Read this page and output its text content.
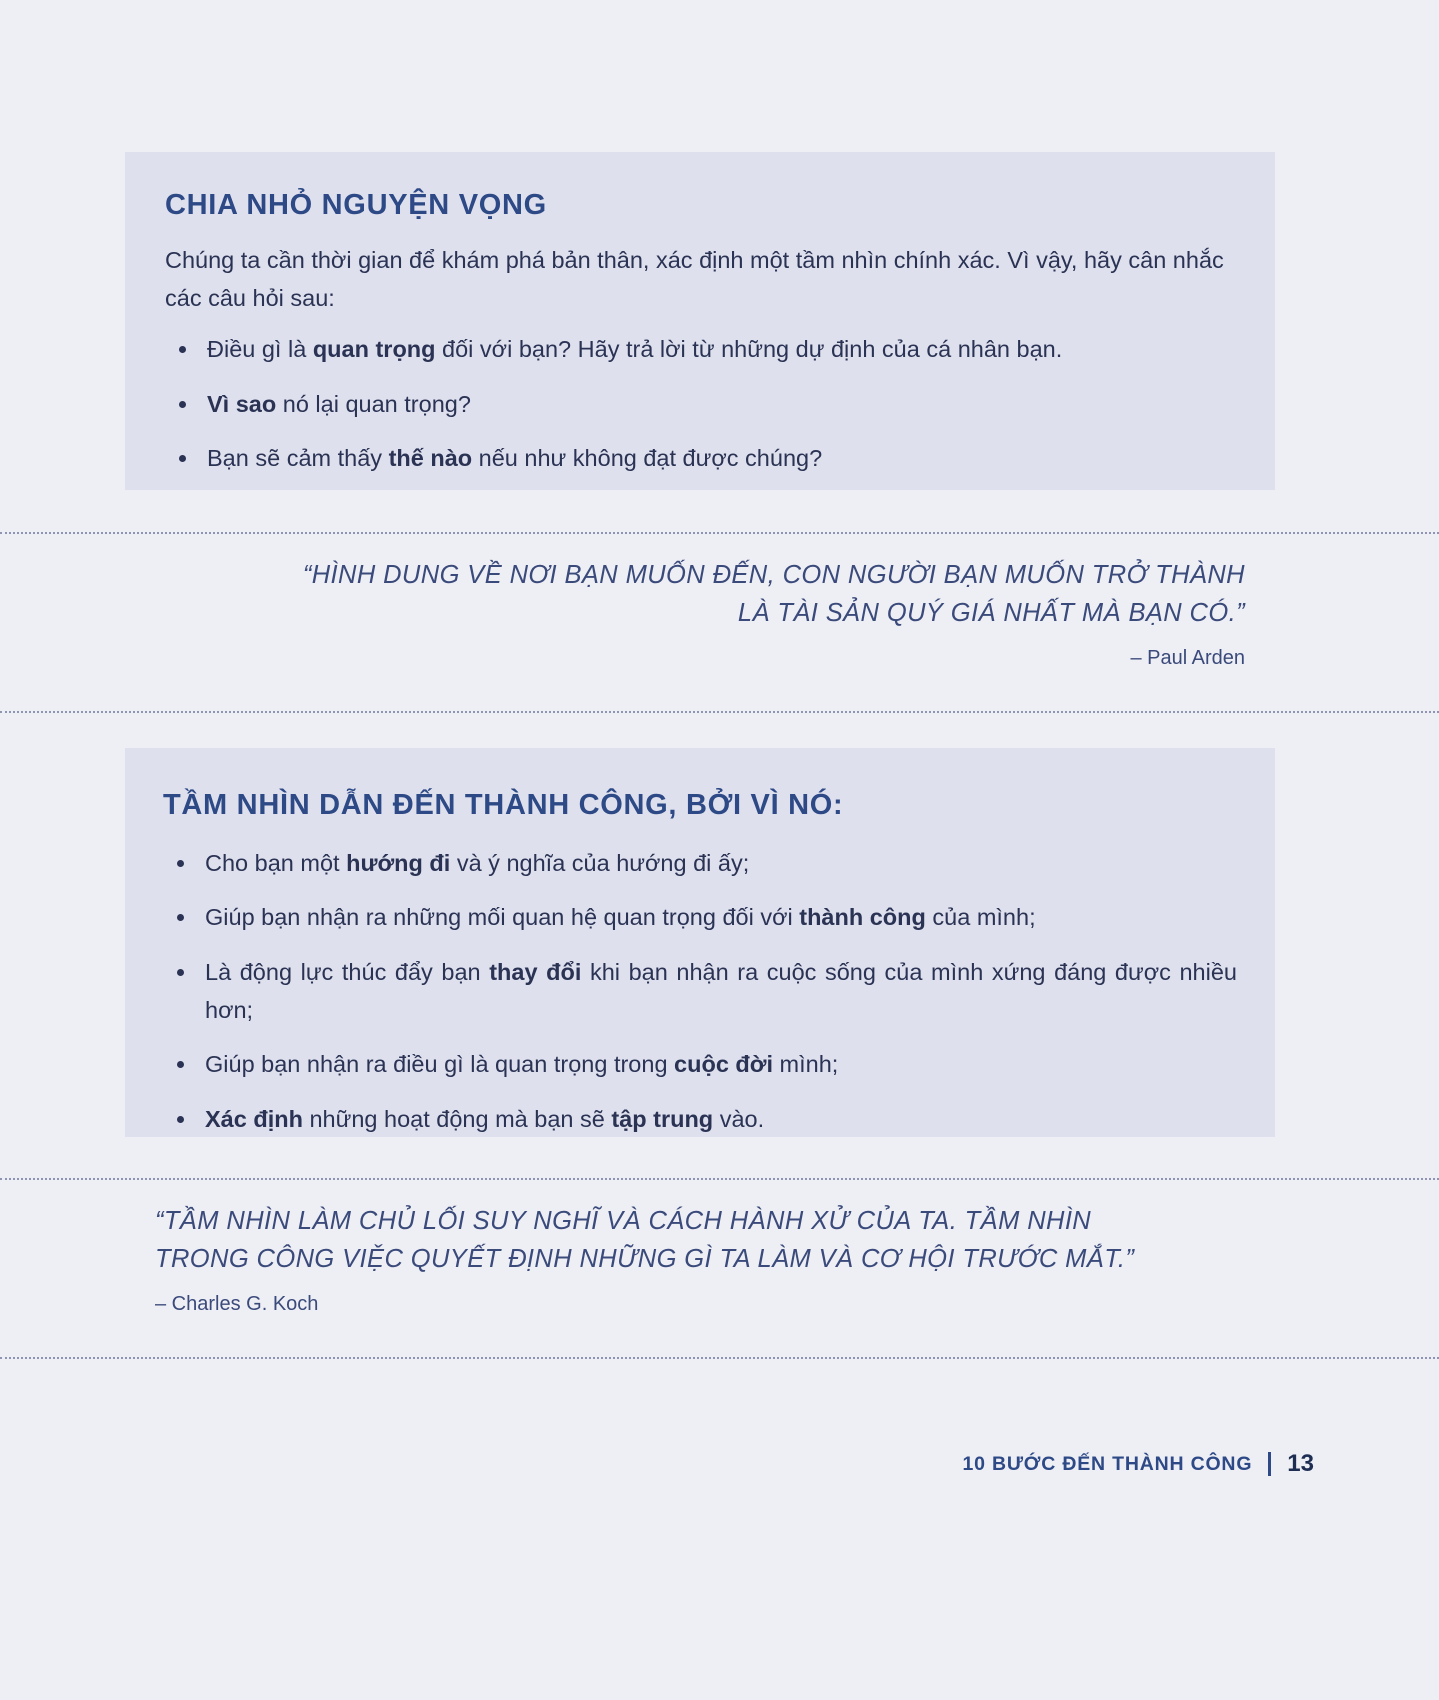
CHIA NHỎ NGUYỆN VỌNG

Chúng ta cần thời gian để khám phá bản thân, xác định một tầm nhìn chính xác. Vì vậy, hãy cân nhắc các câu hỏi sau:

Điều gì là quan trọng đối với bạn? Hãy trả lời từ những dự định của cá nhân bạn.
Vì sao nó lại quan trọng?
Bạn sẽ cảm thấy thế nào nếu như không đạt được chúng?

“HÌNH DUNG VỀ NƠI BẠN MUỐN ĐẾN, CON NGƯỜI BẠN MUỐN TRỞ THÀNH

LÀ TÀI SẢN QUÝ GIÁ NHẤT MÀ BẠN CÓ.”

– Paul Arden

TẦM NHÌN DẪN ĐẾN THÀNH CÔNG, BỞI VÌ NÓ:
Cho bạn một hướng đi và ý nghĩa của hướng đi ấy;
Giúp bạn nhận ra những mối quan hệ quan trọng đối với thành công của mình;
Là động lực thúc đẩy bạn thay đổi khi bạn nhận ra cuộc sống của mình xứng đáng được nhiều hơn;
Giúp bạn nhận ra điều gì là quan trọng trong cuộc đời mình;
Xác định những hoạt động mà bạn sẽ tập trung vào.

“TẦM NHÌN LÀM CHỦ LỐI SUY NGHĨ VÀ CÁCH HÀNH XỬ CỦA TA. TẦM NHÌN

TRONG CÔNG VIỆC QUYẾT ĐỊNH NHỮNG GÌ TA LÀM VÀ CƠ HỘI TRƯỚC MẮT.”

– Charles G. Koch

10 BƯỚC ĐẾN THÀNH CÔNG 13
